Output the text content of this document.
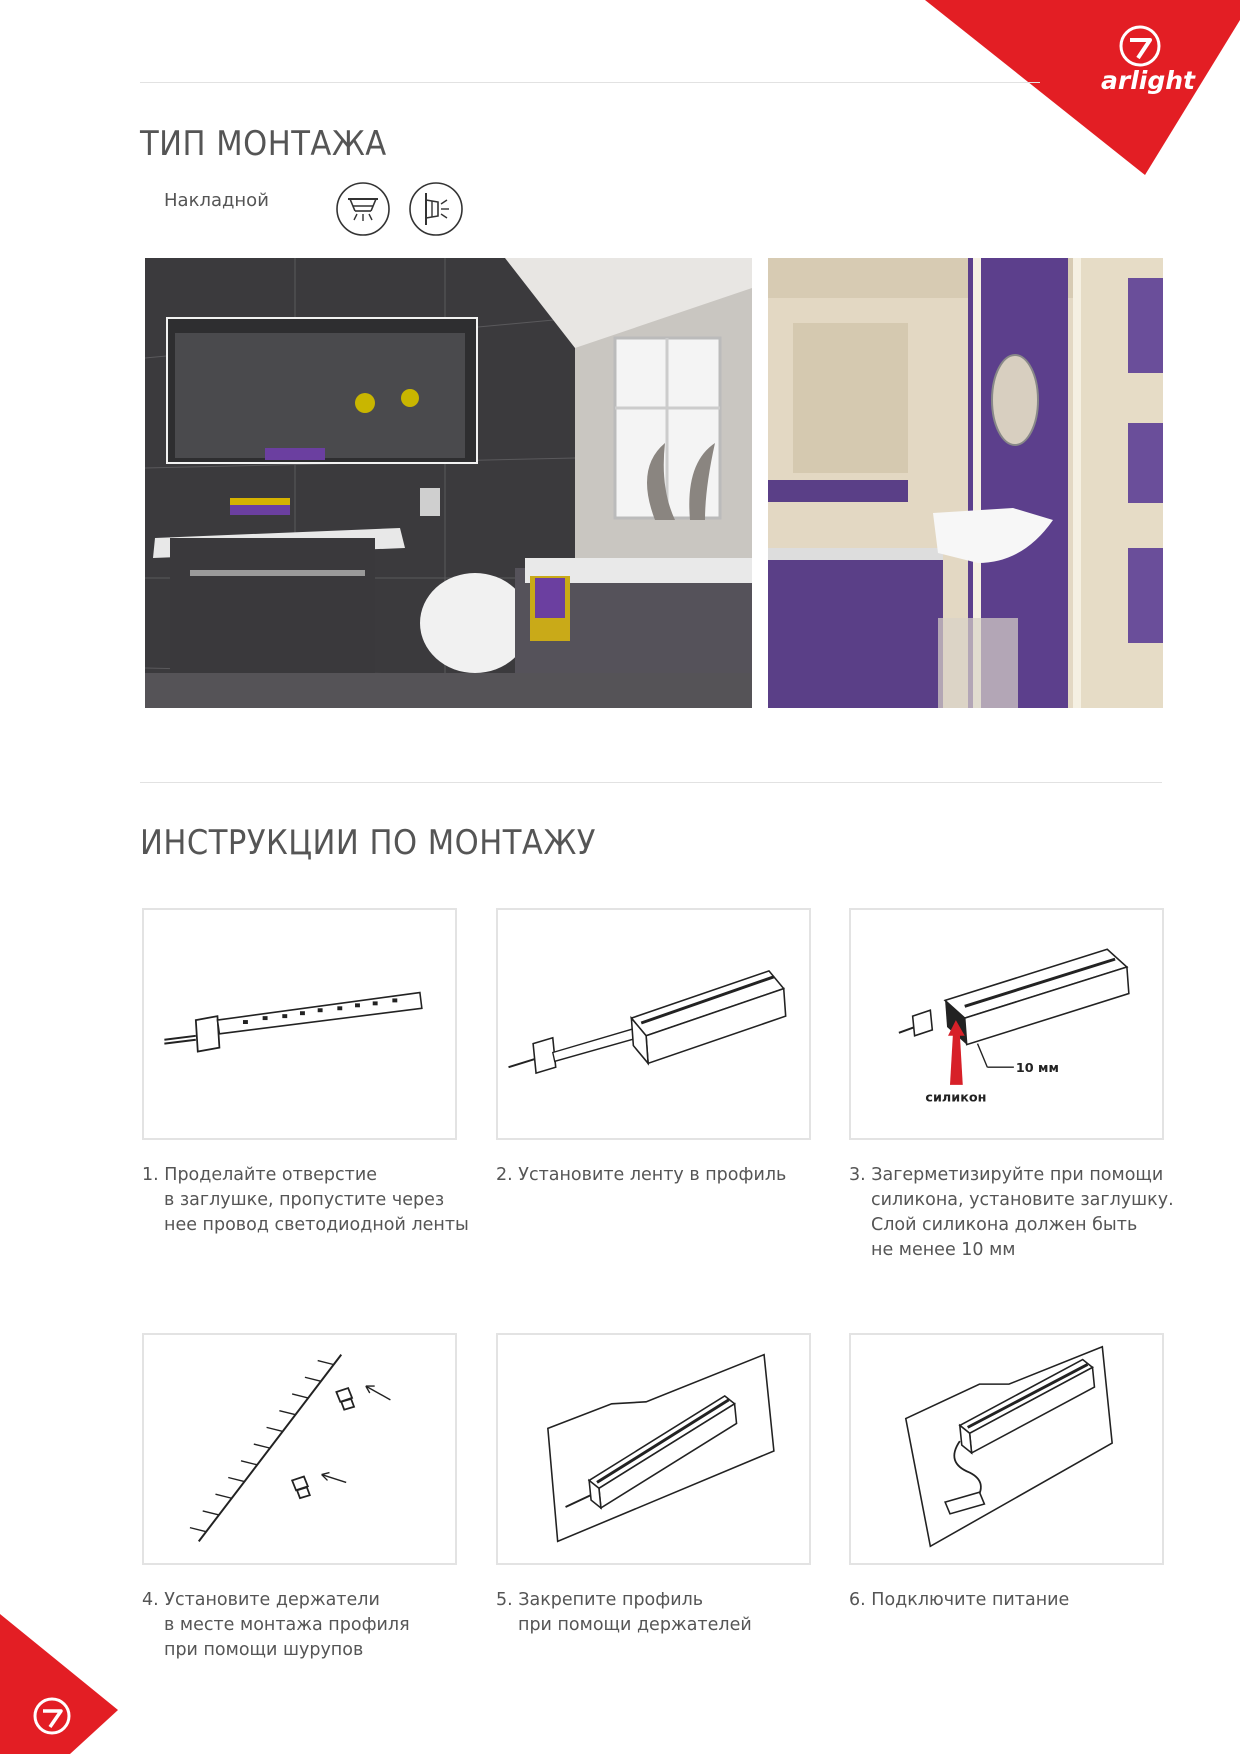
arlight
ТИП МОНТАЖА
Накладной
ИНСТРУКЦИИ ПО МОНТАЖУ
10 мм
силикон
1. Проделайте отверстие
в заглушке, пропустите через
нее провод светодиодной ленты
2. Установите ленту в профиль	3. Загерметизируйте при помощи
силикона, установите заглушку.
Слой силикона должен быть
не менее 10 мм
4. Установите держатели
в месте монтажа профиля
при помощи шурупов
5. Закрепите профиль
при помощи держателей
6. Подключите питание
